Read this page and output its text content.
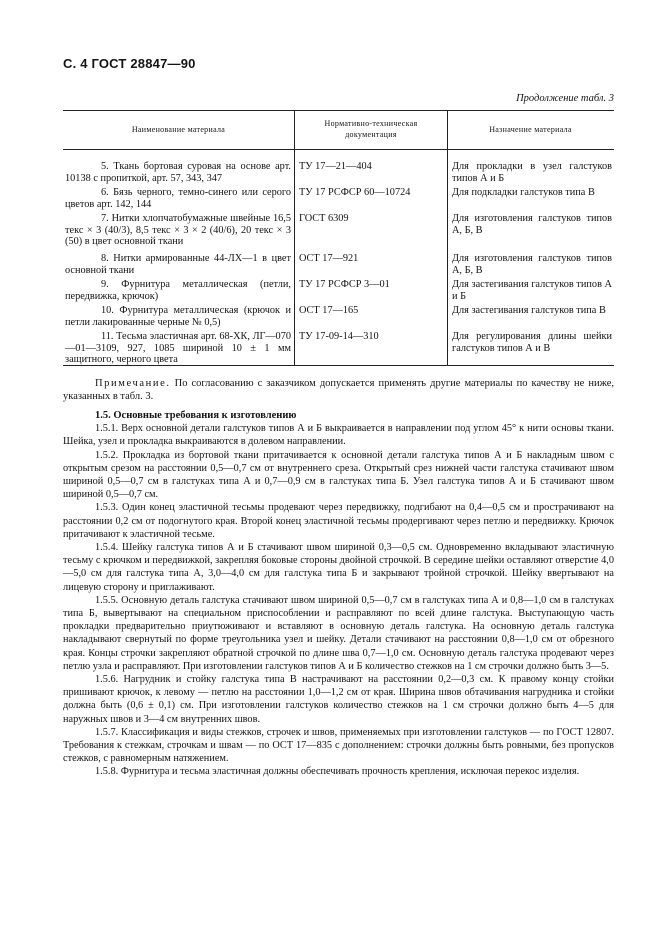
С. 4 ГОСТ 28847—90
Продолжение табл. 3
Наименование материала
Нормативно-техническая документация
Назначение материала
5. Ткань бортовая суровая на основе арт. 10138 с пропиткой, арт. 57, 343, 347
ТУ 17—21—404	Для прокладки в узел галстуков типов А и Б
6. Бязь черного, темно-синего или серого цветов арт. 142, 144
ТУ 17 РСФСР 60—10724	Для подкладки галстуков типа В
7. Нитки хлопчатобумажные швейные 16,5 текс × 3 (40/3), 8,5 текс × 3 × 2 (40/6), 20 текс × 3 (50) в цвет основной ткани
ГОСТ 6309	Для изготовления галстуков типов А, Б, В
8. Нитки армированные 44-ЛХ—1 в цвет основной ткани
ОСТ 17—921	Для изготовления галстуков типов А, Б, В
9. Фурнитура металлическая (петли, передвижка, крючок)
ТУ 17 РСФСР 3—01	Для застегивания галстуков типов А и Б
10. Фурнитура металлическая (крючок и петли лакированные черные № 0,5)
ОСТ 17—165	Для застегивания галстуков типа В
11. Тесьма эластичная арт. 68-ХК, ЛГ—070—01—3109, 927, 1085 шириной 10 ± 1 мм защитного, черного цвета
ТУ 17-09-14—310	Для регулирования длины шейки галстуков типов А и В
Примечание. По согласованию с заказчиком допускается применять другие материалы по качеству не ниже, указанных в табл. 3.
1.5. Основные требования к изготовлению

1.5.1. Верх основной детали галстуков типов А и Б выкраивается в направлении под углом 45° к нити основы ткани. Шейка, узел и прокладка выкраиваются в долевом направлении.

1.5.2. Прокладка из бортовой ткани притачивается к основной детали галстука типов А и Б накладным швом с открытым срезом на расстоянии 0,5—0,7 см от внутреннего среза. Открытый срез нижней части галстука стачивают швом шириной 0,5—0,7 см в галстуках типа А и 0,7—0,9 см в галстуках типа Б. Узел галстука типов А и Б стачивают швом шириной 0,5—0,7 см.

1.5.3. Один конец эластичной тесьмы продевают через передвижку, подгибают на 0,4—0,5 см и прострачивают на расстоянии 0,2 см от подогнутого края. Второй конец эластичной тесьмы продергивают через петлю и передвижку. Крючок притачивают к эластичной тесьме.

1.5.4. Шейку галстука типов А и Б стачивают швом шириной 0,3—0,5 см. Одновременно вкладывают эластичную тесьму с крючком и передвижкой, закрепляя боковые стороны двойной строчкой. В середине шейки оставляют отверстие 4,0—5,0 см для галстука типа А, 3,0—4,0 см для галстука типа Б и закрывают тройной строчкой. Шейку ввертывают на лицевую сторону и приглаживают.

1.5.5. Основную деталь галстука стачивают швом шириной 0,5—0,7 см в галстуках типа А и 0,8—1,0 см в галстуках типа Б, вывертывают на специальном приспособлении и расправляют по всей длине галстука. Выступающую часть прокладки предварительно приутюживают и вставляют в основную деталь галстука. На основную деталь галстука накладывают свернутый по форме треугольника узел и шейку. Детали стачивают на расстоянии 0,8—1,0 см от обрезного края. Концы строчки закрепляют обратной строчкой по длине шва 0,7—1,0 см. Основную деталь галстука продевают через петлю узла и расправляют. При изготовлении галстуков типов А и Б количество стежков на 1 см строчки должно быть 3—5.

1.5.6. Нагрудник и стойку галстука типа В настрачивают на расстоянии 0,2—0,3 см. К правому концу стойки пришивают крючок, к левому — петлю на расстоянии 1,0—1,2 см от края. Ширина швов обтачивания нагрудника и стойки должна быть (0,6 ± 0,1) см. При изготовлении галстуков количество стежков на 1 см строчки должно быть 4—5 для наружных швов и 3—4 см внутренних швов.

1.5.7. Классификация и виды стежков, строчек и швов, применяемых при изготовлении галстуков — по ГОСТ 12807. Требования к стежкам, строчкам и швам — по ОСТ 17—835 с дополнением: строчки должны быть ровными, без пропусков стежков, с равномерным натяжением.

1.5.8. Фурнитура и тесьма эластичная должны обеспечивать прочность крепления, исключая перекос изделия.
